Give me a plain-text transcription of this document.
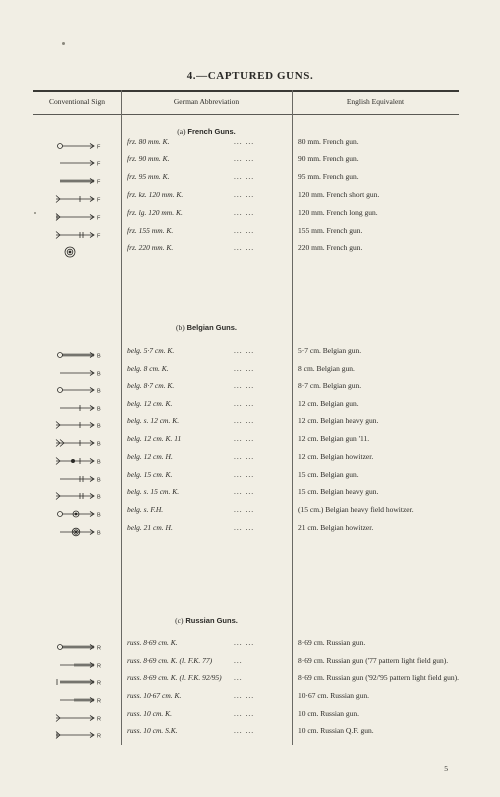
4.—CAPTURED GUNS.
Conventional Sign	German Abbreviation	English Equivalent
(a) French Guns.
(b) Belgian Guns.
(c) Russian Guns.
F
frz. 80 mm. K.	... ...	80 mm. French gun.
F
frz. 90 mm. K.	... ...	90 mm. French gun.
F
frz. 95 mm. K.	... ...	95 mm. French gun.
F
frz. kz. 120 mm. K.	... ...	120 mm. French short gun.
F
frz. lg. 120 mm. K.	... ...	120 mm. French long gun.
F
frz. 155 mm. K.	... ...	155 mm. French gun.
frz. 220 mm. K.	... ...	220 mm. French gun.
B
belg. 5·7 cm. K.	... ...	5·7 cm. Belgian gun.
B
belg. 8 cm. K.	... ...	8 cm. Belgian gun.
B
belg. 8·7 cm. K.	... ...	8·7 cm. Belgian gun.
B
belg. 12 cm. K.	... ...	12 cm. Belgian gun.
B
belg. s. 12 cm. K.	... ...	12 cm. Belgian heavy gun.
B
belg. 12 cm. K. 11	... ...	12 cm. Belgian gun '11.
B
belg. 12 cm. H.	... ...	12 cm. Belgian howitzer.
B
belg. 15 cm. K.	... ...	15 cm. Belgian gun.
B
belg. s. 15 cm. K.	... ...	15 cm. Belgian heavy gun.
B
belg. s. F.H.	... ...	(15 cm.) Belgian heavy field howitzer.
B
belg. 21 cm. H.	... ...	21 cm. Belgian howitzer.
R
russ. 8·69 cm. K.	... ...	8·69 cm. Russian gun.
R
russ. 8·69 cm. K. (l. F.K. 77)	...	8·69 cm. Russian gun ('77 pattern light field gun).
R
russ. 8·69 cm. K. (l. F.K. 92/95) ...	8·69 cm. Russian gun ('92/'95 pattern light field gun).
R
russ. 10·67 cm. K.	... ...	10·67 cm. Russian gun.
R
russ. 10 cm. K.	... ...	10 cm. Russian gun.
R
russ. 10 cm. S.K.	... ...	10 cm. Russian Q.F. gun.
5
